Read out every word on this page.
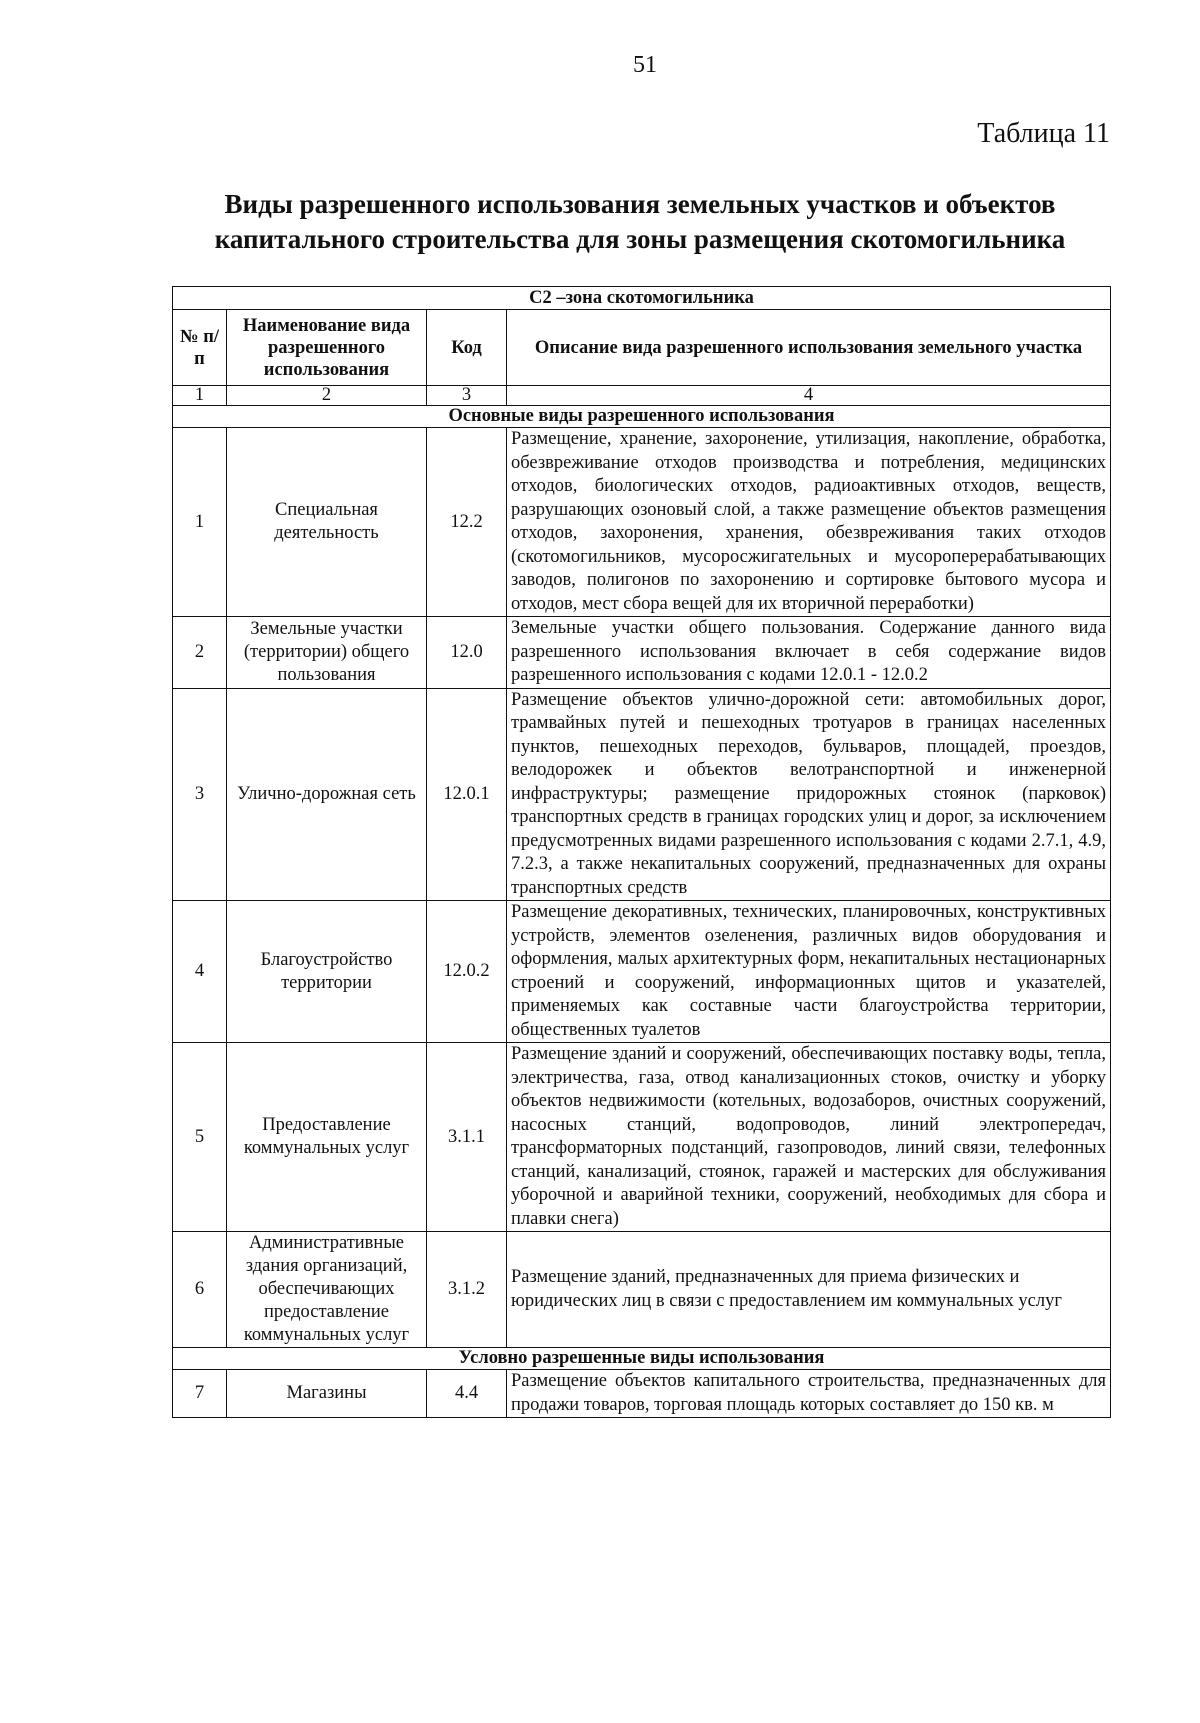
51
Таблица 11
Виды разрешенного использования земельных участков и объектов
капитального строительства для зоны размещения скотомогильника
С2 –зона скотомогильника			
№ п/п	Наименование вида разрешенного использования	Код	Описание вида разрешенного использования земельного участка
1	2	3	4
Основные виды разрешенного использования			
1	Специальная деятельность	12.2	Размещение, хранение, захоронение, утилизация, накопление, обработка, обезвреживание отходов производства и потребления, медицинских отходов, биологических отходов, радиоактивных отходов, веществ, разрушающих озоновый слой, а также размещение объектов размещения отходов, захоронения, хранения, обезвреживания таких отходов (скотомогильников, мусоросжигательных и мусороперерабатывающих заводов, полигонов по захоронению и сортировке бытового мусора и отходов, мест сбора вещей для их вторичной переработки)
2	Земельные участки (территории) общего пользования	12.0	Земельные участки общего пользования. Содержание данного вида разрешенного использования включает в себя содержание видов разрешенного использования с кодами 12.0.1 - 12.0.2
3	Улично-дорожная сеть	12.0.1	Размещение объектов улично-дорожной сети: автомобильных дорог, трамвайных путей и пешеходных тротуаров в границах населенных пунктов, пешеходных переходов, бульваров, площадей, проездов, велодорожек и объектов велотранспортной и инженерной инфраструктуры; размещение придорожных стоянок (парковок) транспортных средств в границах городских улиц и дорог, за исключением предусмотренных видами разрешенного использования с кодами 2.7.1, 4.9, 7.2.3, а также некапитальных сооружений, предназначенных для охраны транспортных средств
4	Благоустройство территории	12.0.2	Размещение декоративных, технических, планировочных, конструктивных устройств, элементов озеленения, различных видов оборудования и оформления, малых архитектурных форм, некапитальных нестационарных строений и сооружений, информационных щитов и указателей, применяемых как составные части благоустройства территории, общественных туалетов
5	Предоставление коммунальных услуг	3.1.1	Размещение зданий и сооружений, обеспечивающих поставку воды, тепла, электричества, газа, отвод канализационных стоков, очистку и уборку объектов недвижимости (котельных, водозаборов, очистных сооружений, насосных станций, водопроводов, линий электропередач, трансформаторных подстанций, газопроводов, линий связи, телефонных станций, канализаций, стоянок, гаражей и мастерских для обслуживания уборочной и аварийной техники, сооружений, необходимых для сбора и плавки снега)
6	Административные здания организаций, обеспечивающих предоставление коммунальных услуг	3.1.2	Размещение зданий, предназначенных для приема физических и юридических лиц в связи с предоставлением им коммунальных услуг
Условно разрешенные виды использования			
7	Магазины	4.4	Размещение объектов капитального строительства, предназначенных для продажи товаров, торговая площадь которых составляет до 150 кв. м
